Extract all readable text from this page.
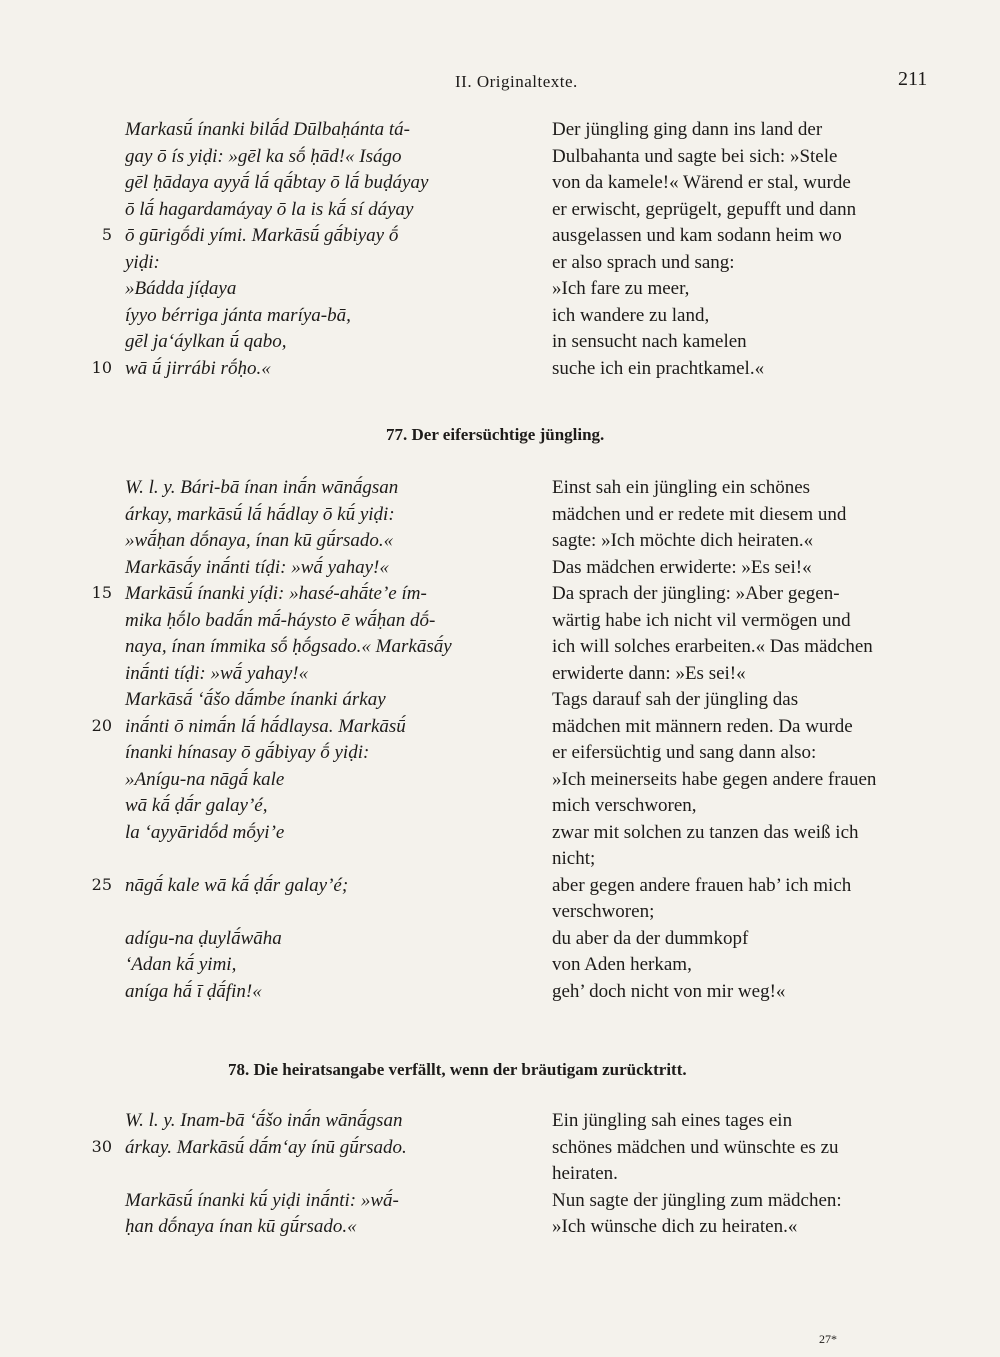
II. Originaltexte.	211
Markasū́ ínanki bilā́d Dūlbaḥánta tá-
gay ō ís yiḍi: »gēl ka sṓ ḥād!« Iságo
gēl ḥādaya ayyā́ lā́ qā́btay ō lā́ buḍáyay
ō lā́ hagardamáyay ō la is kā́ sí dáyay
ō gūrigṓdi yími. Markāsū́ gā́biyay ṓ
5
yiḍi:
»Bádda jíḍaya
íyyo bérriga jánta maríya-bā,
gēl ja‘áylkan ū́ qabo,
wā ū́ jirrábi rṓḥo.«
10
Der jüngling ging dann ins land der
Dulbahanta und sagte bei sich: »Stele
von da kamele!« Wärend er stal, wurde
er erwischt, geprügelt, gepufft und dann
ausgelassen und kam sodann heim wo
er also sprach und sang:
»Ich fare zu meer,
ich wandere zu land,
in sensucht nach kamelen
suche ich ein prachtkamel.«
77. Der eifersüchtige jüngling.
W. l. y. Bári-bā ínan inā́n wānā́gsan
árkay, markāsū́ lā́ hā́dlay ō kū́ yiḍi:
»wā́ḥan dṓnaya, ínan kū gū́rsado.«
Markāsā́y inā́nti tíḍi: »wā́ yahay!«
Markāsū́ ínanki yíḍi: »hasé-ahā́te’e ím-
15
mika ḥṓlo badā́n mā́-háysto ē wā́ḥan dṓ-
naya, ínan ímmika sṓ ḥṓgsado.« Markāsā́y
inā́nti tíḍi: »wā́ yahay!«
Markāsā́ ‘ā́šo dā́mbe ínanki árkay
inā́nti ō nimā́n lā́ hā́dlaysa. Markāsū́
20
ínanki hínasay ō gā́biyay ṓ yiḍi:
»Anígu-na nāgā́ kale
wā kā́ ḍā́r galay’é,
la ‘ayyāridṓd mṓyi’e
nāgā́ kale wā kā́ ḍā́r galay’é;
25
adígu-na ḍuylā́wāha
‘Adan kā́ yimi,
aníga hā́ ī ḍā́fin!«
Einst sah ein jüngling ein schönes
mädchen und er redete mit diesem und
sagte: »Ich möchte dich heiraten.«
Das mädchen erwiderte: »Es sei!«
Da sprach der jüngling: »Aber gegen-
wärtig habe ich nicht vil vermögen und
ich will solches erarbeiten.« Das mädchen
erwiderte dann: »Es sei!«
Tags darauf sah der jüngling das
mädchen mit männern reden. Da wurde
er eifersüchtig und sang dann also:
»Ich meinerseits habe gegen andere frauen
mich verschworen,
zwar mit solchen zu tanzen das weiß ich
nicht;
aber gegen andere frauen hab’ ich mich
verschworen;
du aber da der dummkopf
von Aden herkam,
geh’ doch nicht von mir weg!«
78. Die heiratsangabe verfällt, wenn der bräutigam zurücktritt.
W. l. y. Inam-bā ‘ā́šo inā́n wānā́gsan
árkay. Markāsū́ dā́m‘ay ínū gū́rsado.
30
Markāsū́ ínanki kū́ yiḍi inā́nti: »wā́-
ḥan dṓnaya ínan kū gū́rsado.«
Ein jüngling sah eines tages ein
schönes mädchen und wünschte es zu
heiraten.
Nun sagte der jüngling zum mädchen:
»Ich wünsche dich zu heiraten.«
27*
